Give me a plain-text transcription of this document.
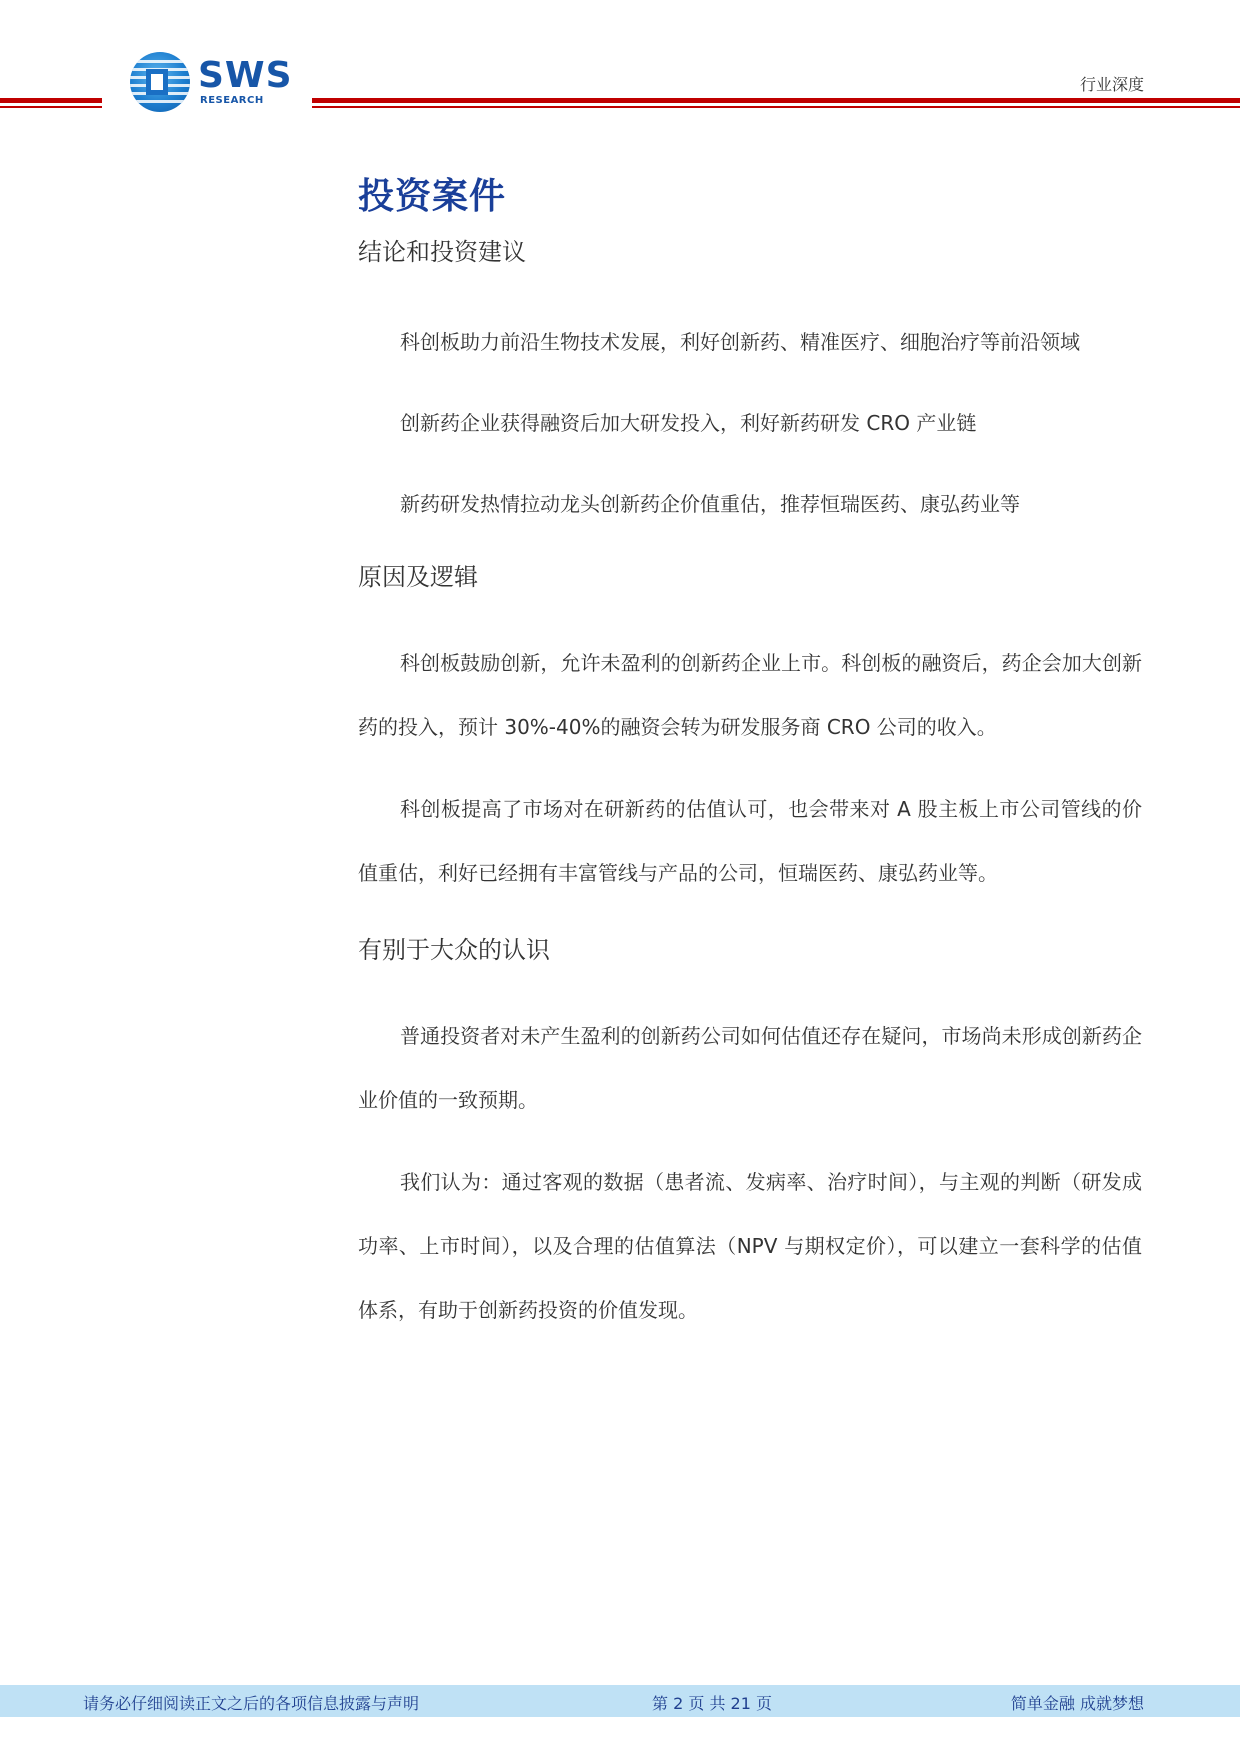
SWS
RESEARCH
行业深度
投资案件
结论和投资建议
科创板助力前沿生物技术发展，利好创新药、精准医疗、细胞治疗等前沿领域
创新药企业获得融资后加大研发投入，利好新药研发 CRO 产业链
新药研发热情拉动龙头创新药企价值重估，推荐恒瑞医药、康弘药业等
原因及逻辑
科创板鼓励创新，允许未盈利的创新药企业上市。科创板的融资后，药企会加大创新药的投入，预计 30%-40%的融资会转为研发服务商 CRO 公司的收入。
科创板提高了市场对在研新药的估值认可，也会带来对 A 股主板上市公司管线的价值重估，利好已经拥有丰富管线与产品的公司，恒瑞医药、康弘药业等。
有别于大众的认识
普通投资者对未产生盈利的创新药公司如何估值还存在疑问，市场尚未形成创新药企业价值的一致预期。
我们认为：通过客观的数据（患者流、发病率、治疗时间），与主观的判断（研发成功率、上市时间），以及合理的估值算法（NPV 与期权定价），可以建立一套科学的估值体系，有助于创新药投资的价值发现。
请务必仔细阅读正文之后的各项信息披露与声明	第 2 页 共 21 页	简单金融 成就梦想
